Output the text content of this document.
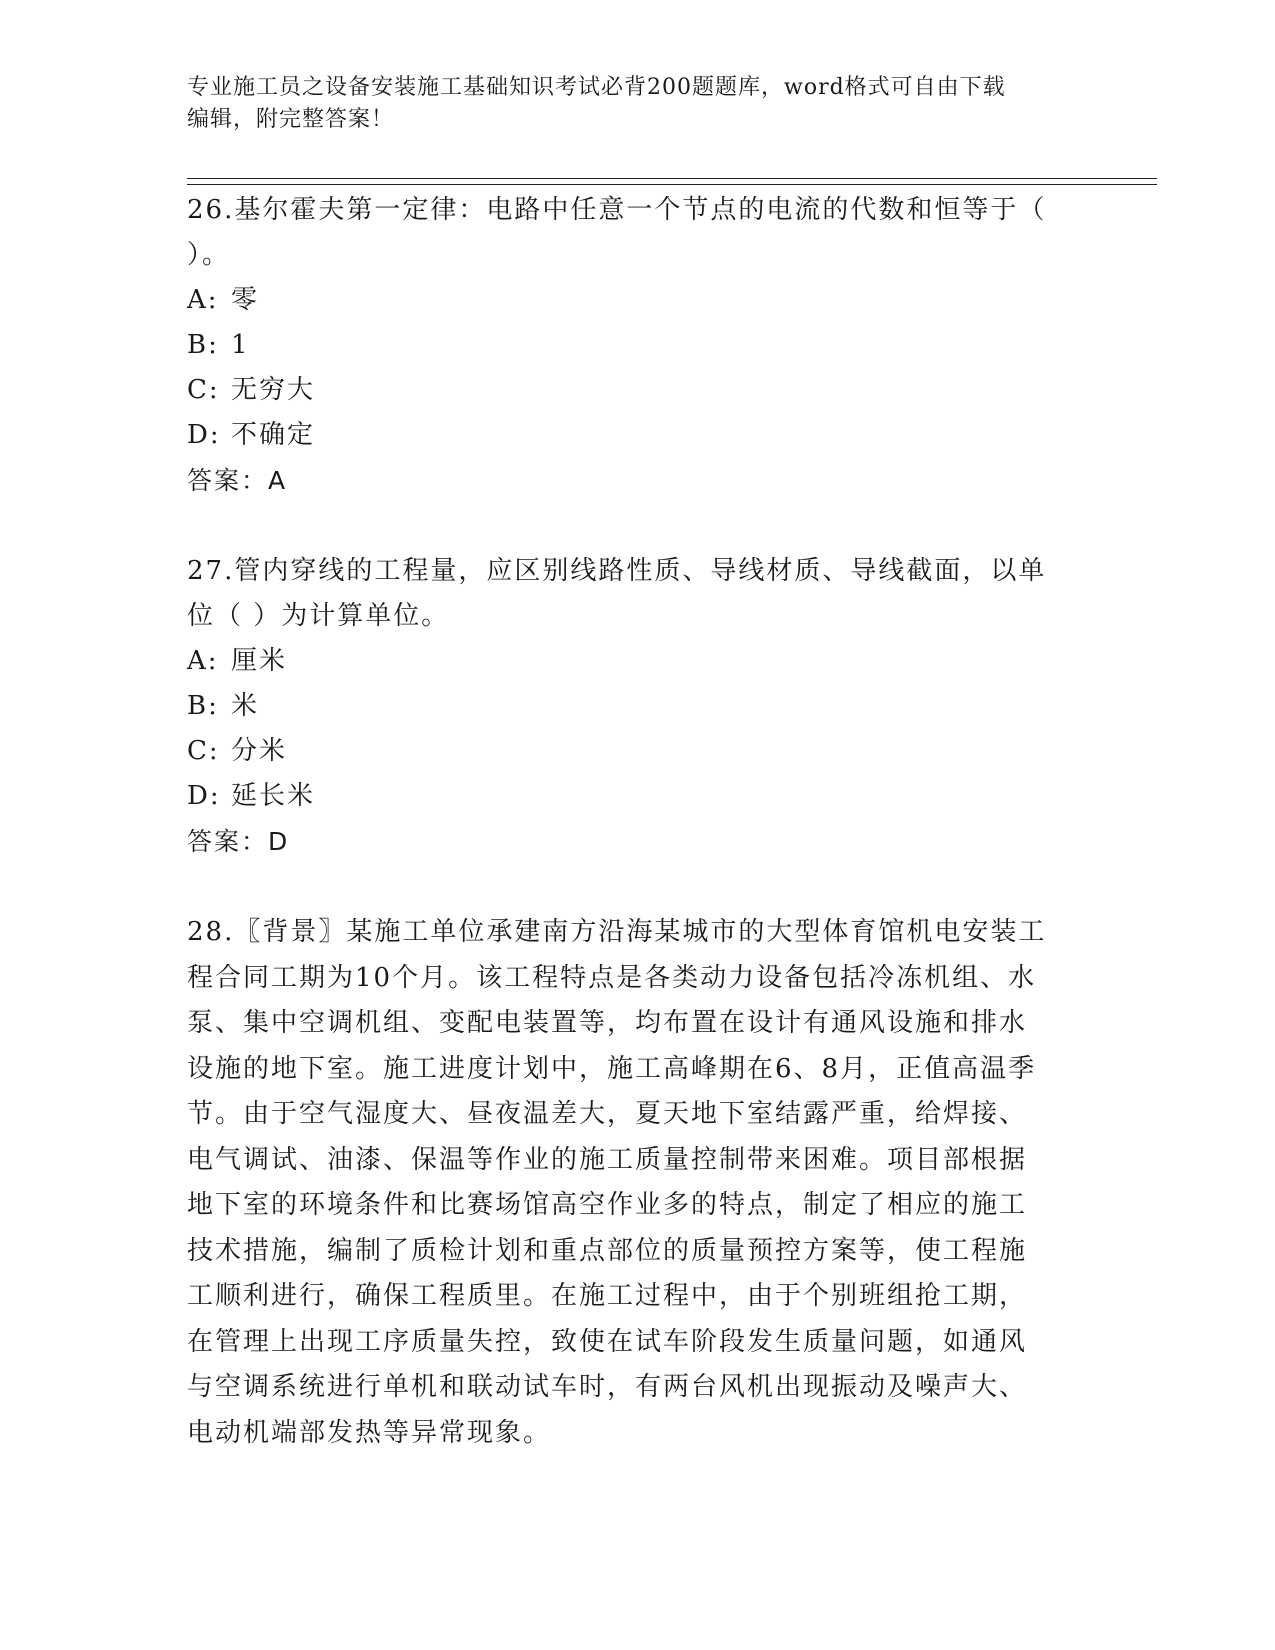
专业施工员之设备安装施工基础知识考试必背200题题库，word格式可自由下载
编辑，附完整答案！

26.基尔霍夫第一定律：电路中任意一个节点的电流的代数和恒等于（

）。

A: 零

B: 1

C: 无穷大

D: 不确定

答案：A

27.管内穿线的工程量，应区别线路性质、导线材质、导线截面，以单

位（ ）为计算单位。

A: 厘米

B: 米

C: 分米

D: 延长米

答案：D

28.〖背景〗某施工单位承建南方沿海某城市的大型体育馆机电安装工

程合同工期为10个月。该工程特点是各类动力设备包括冷冻机组、水

泵、集中空调机组、变配电装置等，均布置在设计有通风设施和排水

设施的地下室。施工进度计划中，施工高峰期在6、8月，正值高温季

节。由于空气湿度大、昼夜温差大，夏天地下室结露严重，给焊接、

电气调试、油漆、保温等作业的施工质量控制带来困难。项目部根据

地下室的环境条件和比赛场馆高空作业多的特点，制定了相应的施工

技术措施，编制了质检计划和重点部位的质量预控方案等，使工程施

工顺利进行，确保工程质里。在施工过程中，由于个别班组抢工期，

在管理上出现工序质量失控，致使在试车阶段发生质量问题，如通风

与空调系统进行单机和联动试车时，有两台风机出现振动及噪声大、

电动机端部发热等异常现象。
